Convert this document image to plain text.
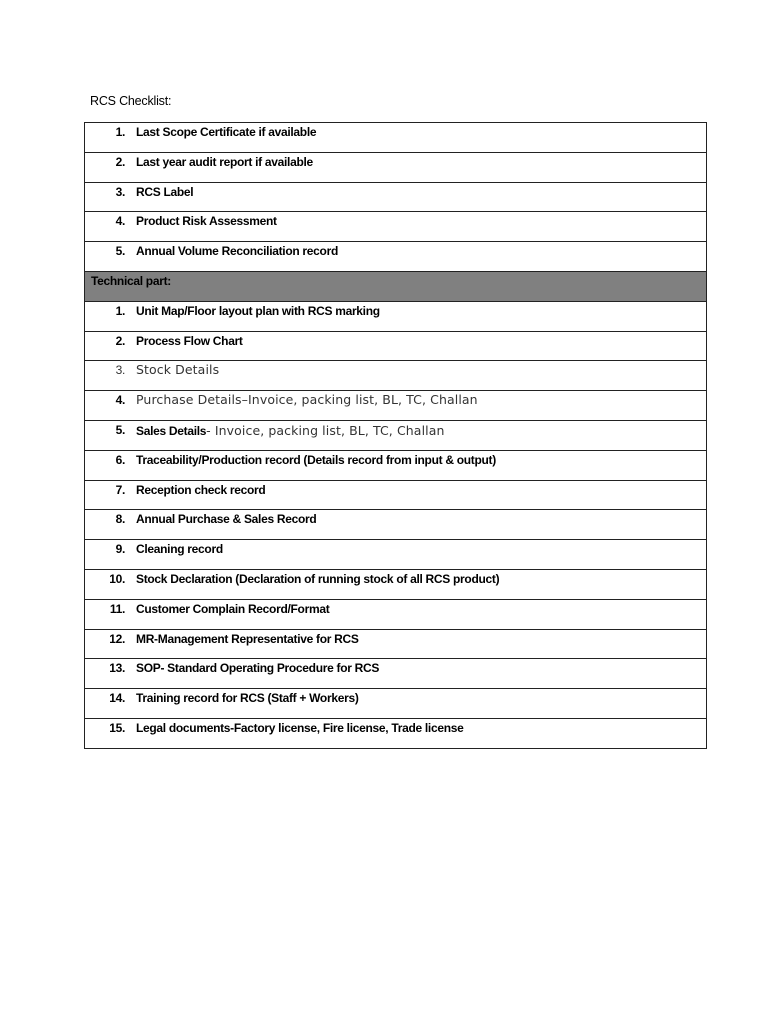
RCS Checklist:
1. Last Scope Certificate if available

2. Last year audit report if available

3. RCS Label

4. Product Risk Assessment

5. Annual Volume Reconciliation record

Technical part:

1. Unit Map/Floor layout plan with RCS marking

2. Process Flow Chart

3. Stock Details

4. Purchase Details–Invoice, packing list, BL, TC, Challan

5. Sales Details- Invoice, packing list, BL, TC, Challan

6. Traceability/Production record (Details record from input & output)

7. Reception check record

8. Annual Purchase & Sales Record

9. Cleaning record

10. Stock Declaration (Declaration of running stock of all RCS product)

11. Customer Complain Record/Format

12. MR-Management Representative for RCS

13. SOP- Standard Operating Procedure for RCS

14. Training record for RCS (Staff + Workers)

15. Legal documents-Factory license, Fire license, Trade license
